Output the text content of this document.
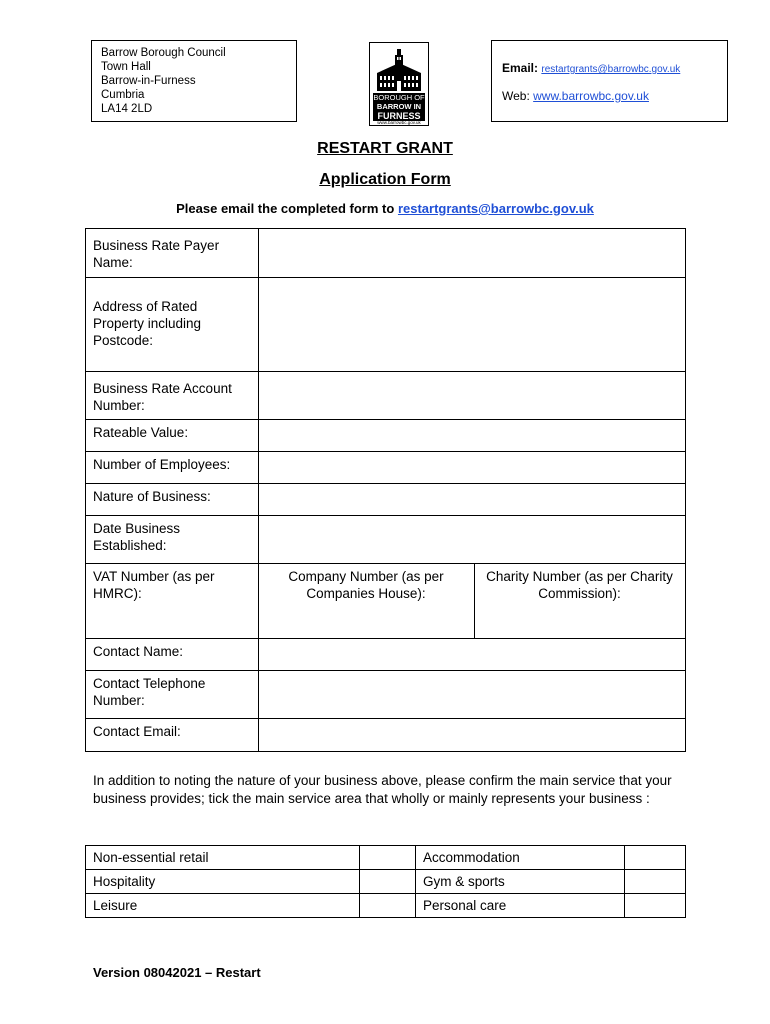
Barrow Borough Council
Town Hall
Barrow-in-Furness
Cumbria
LA14 2LD
BOROUGH OF
BARROW IN
FURNESS
www.barrowbc.gov.uk
Email: restartgrants@barrowbc.gov.uk
Web: www.barrowbc.gov.uk
RESTART GRANT
Application Form
Please email the completed form to restartgrants@barrowbc.gov.uk
Business Rate Payer Name:		
Address of Rated Property including Postcode:		
Business Rate Account Number:		
Rateable Value:		
Number of Employees:		
Nature of Business:		
Date Business Established:		
VAT Number (as per HMRC):	Company Number (as per Companies House):	Charity Number (as per Charity Commission):
Contact Name:		
Contact Telephone Number:		
Contact Email:		
In addition to noting the nature of your business above, please confirm the main service that your business provides; tick the main service area that wholly or mainly represents your business :
Non-essential retail		Accommodation	
Hospitality		Gym & sports	
Leisure		Personal care	
Version 08042021 – Restart
